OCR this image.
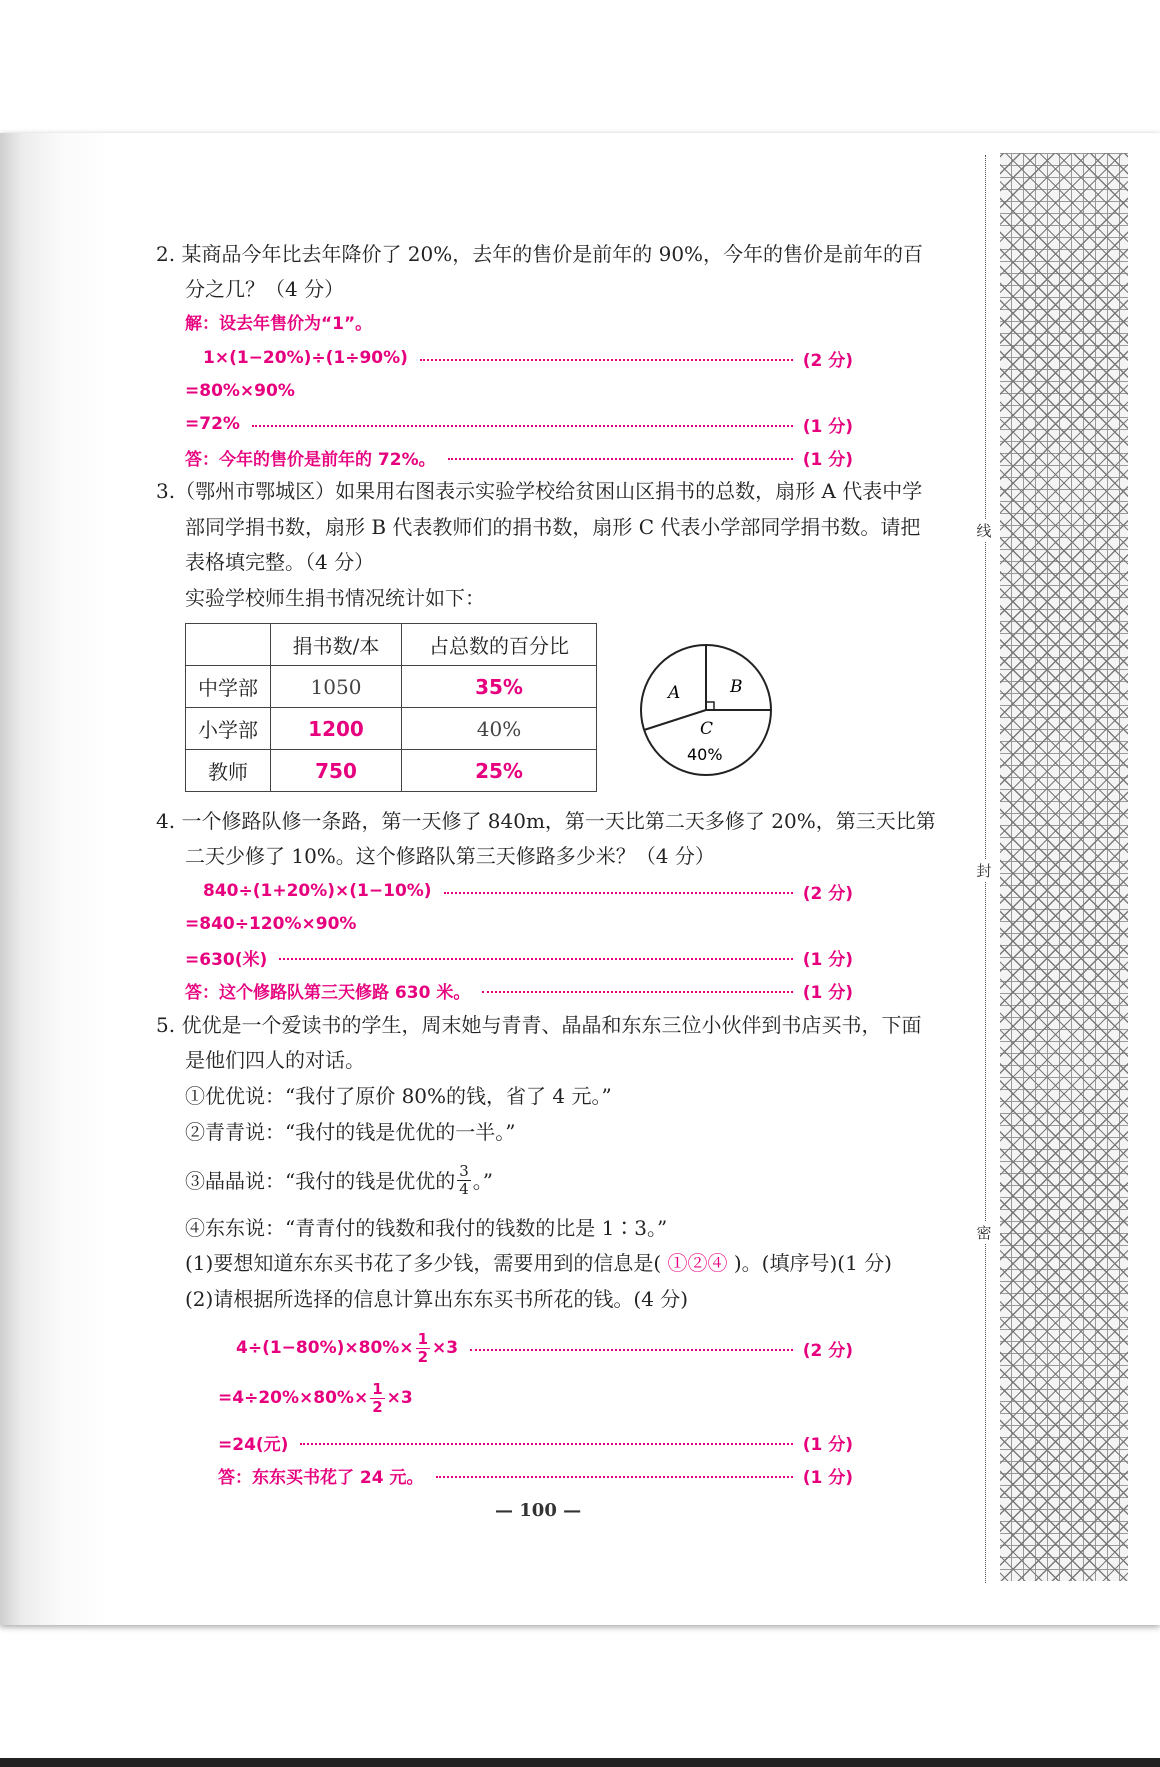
线
封
密
2. 某商品今年比去年降价了 20%，去年的售价是前年的 90%，今年的售价是前年的百
分之几？（4 分）
解：设去年售价为“1”。
1×(1−20%)÷(1÷90%)	(2 分)
=80%×90%
=72%	(1 分)
答：今年的售价是前年的 72%。	(1 分)
3.（鄂州市鄂城区）如果用右图表示实验学校给贫困山区捐书的总数，扇形 A 代表中学
部同学捐书数，扇形 B 代表教师们的捐书数，扇形 C 代表小学部同学捐书数。请把
表格填完整。（4 分）
实验学校师生捐书情况统计如下：
	捐书数/本	占总数的百分比
中学部	1050	35%
小学部	1200	40%
教师	750	25%
A	B
C
40%
4. 一个修路队修一条路，第一天修了 840m，第一天比第二天多修了 20%，第三天比第
二天少修了 10%。这个修路队第三天修路多少米？（4 分）
840÷(1+20%)×(1−10%)	(2 分)
=840÷120%×90%
=630(米)	(1 分)
答：这个修路队第三天修路 630 米。	(1 分)
5. 优优是一个爱读书的学生，周末她与青青、晶晶和东东三位小伙伴到书店买书，下面
是他们四人的对话。
①优优说：“我付了原价 80%的钱，省了 4 元。”
②青青说：“我付的钱是优优的一半。”
③晶晶说：“我付的钱是优优的 $\frac{3}{4}$ 。”
④东东说：“青青付的钱数和我付的钱数的比是 1∶3。”
(1)要想知道东东买书花了多少钱，需要用到的信息是( ①②④ )。(填序号)(1 分)
(2)请根据所选择的信息计算出东东买书所花的钱。(4 分)
$4\div(1-80\%)\times 80\%\times \frac{1}{2} \times 3$	(2 分)
$=4\div 20\%\times 80\%\times \frac{1}{2} \times 3$
=24(元)	(1 分)
答：东东买书花了 24 元。	(1 分)
— 100 —
